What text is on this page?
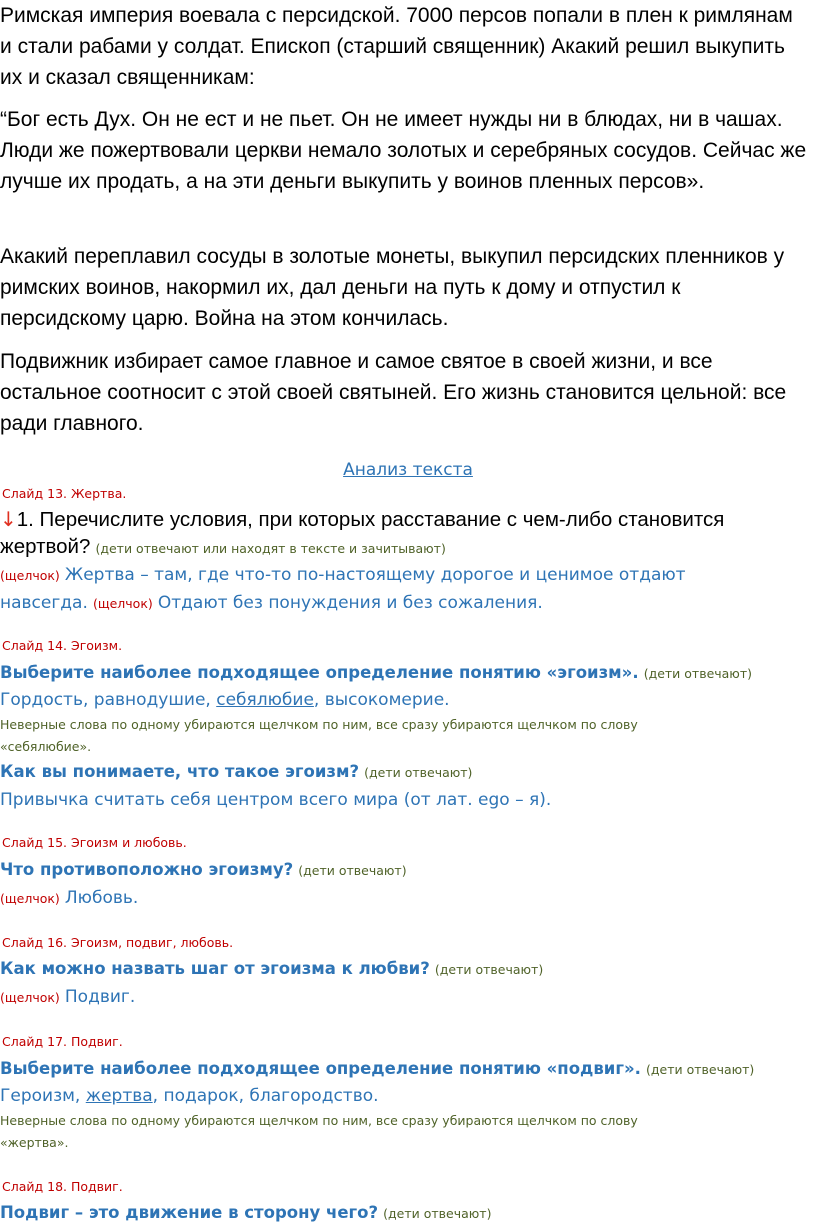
Римская империя воевала с персидской. 7000 персов попали в плен к римлянам и стали рабами у солдат. Епископ (старший священник) Акакий решил выкупить их и сказал священникам:
“Бог есть Дух. Он не ест и не пьет. Он не имеет нужды ни в блюдах, ни в чашах. Люди же пожертвовали церкви немало золотых и серебряных сосудов. Сейчас же лучше их продать, а на эти деньги выкупить у воинов пленных персов».
Акакий переплавил сосуды в золотые монеты, выкупил персидских пленников у римских воинов, накормил их, дал деньги на путь к дому и отпустил к персидскому царю. Война на этом кончилась.
Подвижник избирает самое главное и самое святое в своей жизни, и все остальное соотносит с этой своей святыней. Его жизнь становится цельной: все ради главного.
Анализ текста
Слайд 13. Жертва.
↓1. Перечислите условия, при которых расставание с чем-либо становится
жертвой? (дети отвечают или находят в тексте и зачитывают)
(щелчок) Жертва – там, где что-то по-настоящему дорогое и ценимое отдают
навсегда. (щелчок) Отдают без понуждения и без сожаления.
Слайд 14. Эгоизм.
Выберите наиболее подходящее определение понятию «эгоизм». (дети отвечают)
Гордость, равнодушие, себялюбие, высокомерие.
Неверные слова по одному убираются щелчком по ним, все сразу убираются щелчком по слову
«себялюбие».
Как вы понимаете, что такое эгоизм? (дети отвечают)
Привычка считать себя центром всего мира (от лат. ego – я).
Слайд 15. Эгоизм и любовь.
Что противоположно эгоизму? (дети отвечают)
(щелчок) Любовь.
Слайд 16. Эгоизм, подвиг, любовь.
Как можно назвать шаг от эгоизма к любви? (дети отвечают)
(щелчок) Подвиг.
Слайд 17. Подвиг.
Выберите наиболее подходящее определение понятию «подвиг». (дети отвечают)
Героизм, жертва, подарок, благородство.
Неверные слова по одному убираются щелчком по ним, все сразу убираются щелчком по слову
«жертва».
Слайд 18. Подвиг.
Подвиг – это движение в сторону чего? (дети отвечают)
